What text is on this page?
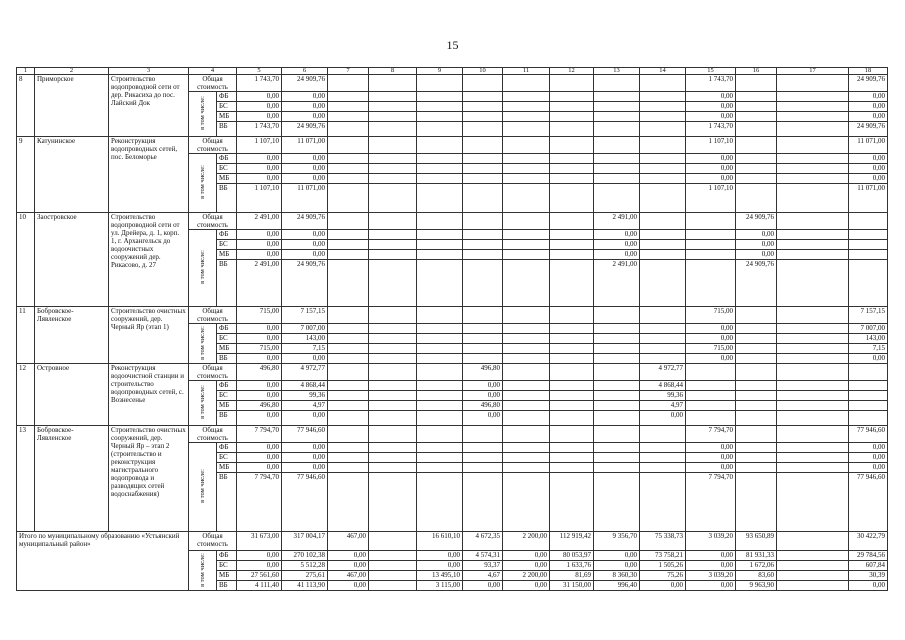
15
1	2	3	4		5	6	7	8	9	10	11	12	13	14	15	16	17	18
8	Приморское	Строительство водопроводной сети от дер. Рикасиха до пос. Лайский Док	Общая стоимость		1 743,70	24 909,76									1 743,70			24 909,76
			в том числе:	ФБ	0,00	0,00									0,00			0,00
				БС	0,00	0,00									0,00			0,00
				МБ	0,00	0,00									0,00			0,00
				ВБ	1 743,70	24 909,76									1 743,70			24 909,76
9	Катунинское	Реконструкция водопроводных сетей, пос. Беломорье	Общая стоимость		1 107,10	11 071,00									1 107,10			11 071,00
			в том числе:	ФБ	0,00	0,00									0,00			0,00
				БС	0,00	0,00									0,00			0,00
				МБ	0,00	0,00									0,00			0,00
				ВБ	1 107,10	11 071,00									1 107,10			11 071,00
10	Заостровское	Строительство водопроводной сети от ул. Дрейера, д. 1, корп. 1, г. Архангельск до водоочистных сооружений дер. Рикасово, д. 27	Общая стоимость		2 491,00	24 909,76							2 491,00			24 909,76		
			в том числе:	ФБ	0,00	0,00							0,00			0,00		
				БС	0,00	0,00							0,00			0,00		
				МБ	0,00	0,00							0,00			0,00		
				ВБ	2 491,00	24 909,76							2 491,00			24 909,76		
11	Бобровское-Лявленское	Строительство очистных сооружений, дер. Черный Яр (этап 1)	Общая стоимость		715,00	7 157,15									715,00			7 157,15
			в том числе:	ФБ	0,00	7 007,00									0,00			7 007,00
				БС	0,00	143,00									0,00			143,00
				МБ	715,00	7,15									715,00			7,15
				ВБ	0,00	0,00									0,00			0,00
12	Островное	Реконструкция водоочистной станции и строительство водопроводных сетей, с. Вознесенье	Общая стоимость		496,80	4 972,77				496,80				4 972,77				
			в том числе:	ФБ	0,00	4 868,44				0,00				4 868,44				
				БС	0,00	99,36				0,00				99,36				
				МБ	496,80	4,97				496,80				4,97				
				ВБ	0,00	0,00				0,00				0,00				
13	Бобровское-Лявленское	Строительство очистных сооружений, дер. Черный Яр – этап 2 (строительство и реконструкция магистрального водопровода и разводящих сетей водоснабжения)	Общая стоимость		7 794,70	77 946,60									7 794,70			77 946,60
			в том числе:	ФБ	0,00	0,00									0,00			0,00
				БС	0,00	0,00									0,00			0,00
				МБ	0,00	0,00									0,00			0,00
				ВБ	7 794,70	77 946,60									7 794,70			77 946,60
Итого по муниципальному образованию «Устьянский муниципальный район»			Общая стоимость		31 673,00	317 004,17	467,00		16 610,10	4 672,35	2 200,00	112 919,42	9 356,70	75 338,73	3 039,20	93 650,89		30 422,79
			в том числе:	ФБ	0,00	270 102,38	0,00		0,00	4 574,31	0,00	80 053,97	0,00	73 758,21	0,00	81 931,33		29 784,56
				БС	0,00	5 512,28	0,00		0,00	93,37	0,00	1 633,76	0,00	1 505,26	0,00	1 672,06		607,84
				МБ	27 561,60	275,61	467,00		13 495,10	4,67	2 200,00	81,69	8 360,30	75,26	3 039,20	83,60		30,39
				ВБ	4 111,40	41 113,90	0,00		3 115,00	0,00	0,00	31 150,00	996,40	0,00	0,00	9 963,90		0,00
